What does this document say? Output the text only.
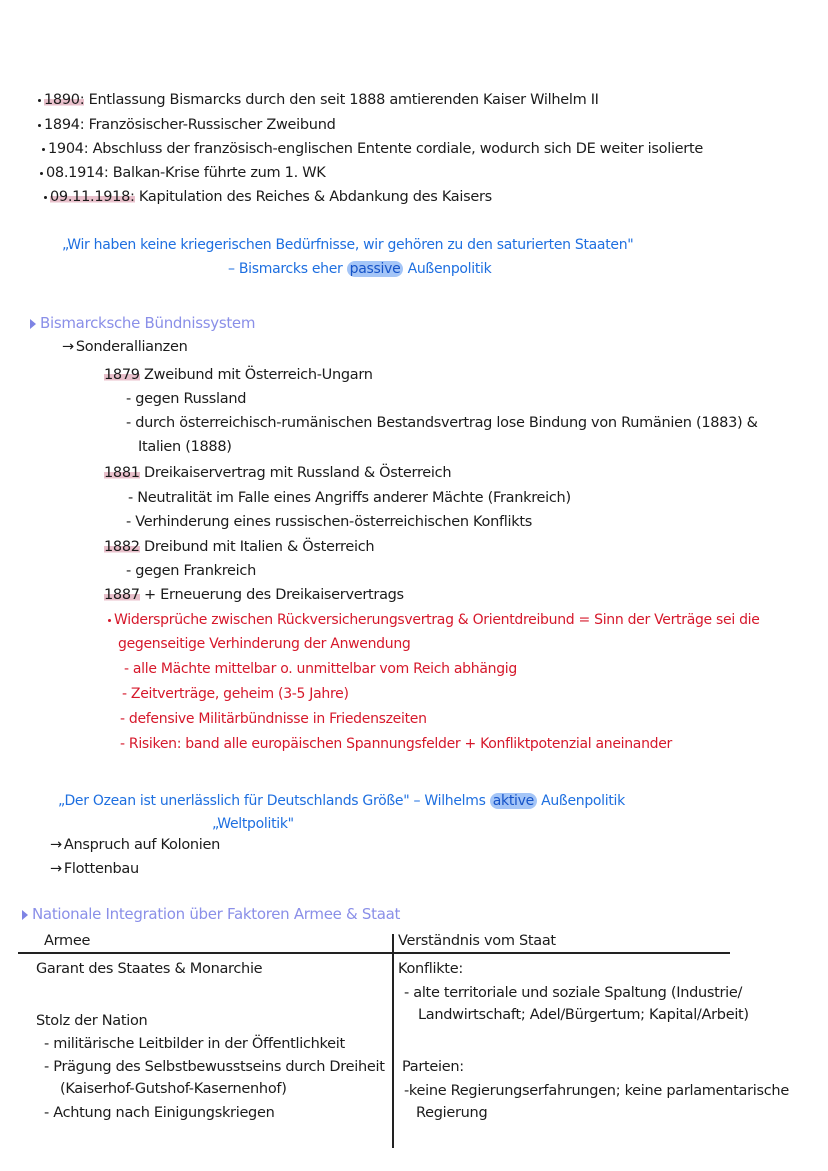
1890: Entlassung Bismarcks durch den seit 1888 amtierenden Kaiser Wilhelm II
1894: Französischer-Russischer Zweibund
1904: Abschluss der französisch-englischen Entente cordiale, wodurch sich DE weiter isolierte
08.1914: Balkan-Krise führte zum 1. WK
09.11.1918: Kapitulation des Reiches & Abdankung des Kaisers
„Wir haben keine kriegerischen Bedürfnisse, wir gehören zu den saturierten Staaten"
– Bismarcks eher passive Außenpolitik
Bismarcksche Bündnissystem
→ Sonderallianzen
1879 Zweibund mit Österreich-Ungarn
- gegen Russland
- durch österreichisch-rumänischen Bestandsvertrag lose Bindung von Rumänien (1883) &
Italien (1888)
1881 Dreikaiservertrag mit Russland & Österreich
- Neutralität im Falle eines Angriffs anderer Mächte (Frankreich)
- Verhinderung eines russischen-österreichischen Konflikts
1882 Dreibund mit Italien & Österreich
- gegen Frankreich
1887 + Erneuerung des Dreikaiservertrags
Widersprüche zwischen Rückversicherungsvertrag & Orientdreibund = Sinn der Verträge sei die
gegenseitige Verhinderung der Anwendung
- alle Mächte mittelbar o. unmittelbar vom Reich abhängig
- Zeitverträge, geheim (3-5 Jahre)
- defensive Militärbündnisse in Friedenszeiten
- Risiken: band alle europäischen Spannungsfelder + Konfliktpotenzial aneinander
„Der Ozean ist unerlässlich für Deutschlands Größe" – Wilhelms aktive Außenpolitik
„Weltpolitik"
→ Anspruch auf Kolonien
→ Flottenbau
Nationale Integration über Faktoren Armee & Staat
Armee	Verständnis vom Staat
Garant des Staates & Monarchie
Stolz der Nation
- militärische Leitbilder in der Öffentlichkeit
- Prägung des Selbstbewusstseins durch Dreiheit
(Kaiserhof-Gutshof-Kasernenhof)
- Achtung nach Einigungskriegen
Konflikte:
- alte territoriale und soziale Spaltung (Industrie/
Landwirtschaft; Adel/Bürgertum; Kapital/Arbeit)
Parteien:
-keine Regierungserfahrungen; keine parlamentarische
Regierung
